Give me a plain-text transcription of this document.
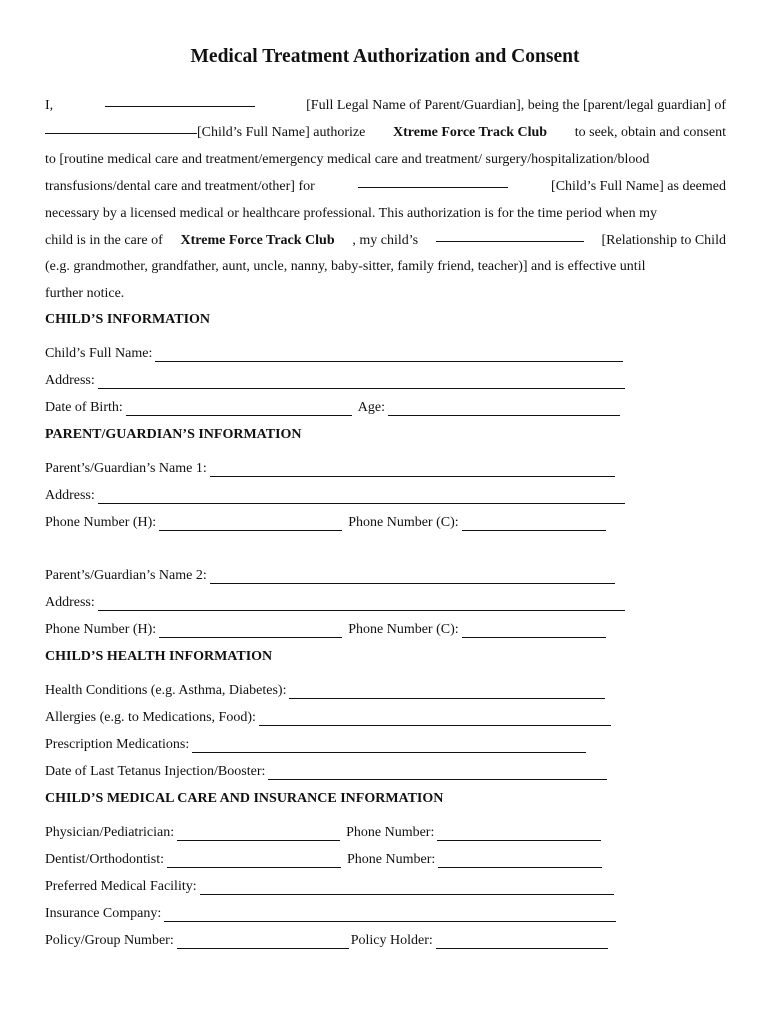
Medical Treatment Authorization and Consent
I,	[Full Legal Name of Parent/Guardian], being the [parent/legal guardian] of
[Child’s Full Name] authorize Xtreme Force Track Club to seek, obtain and consent
to [routine medical care and treatment/emergency medical care and treatment/ surgery/hospitalization/blood
transfusions/dental care and treatment/other] for	[Child’s Full Name] as deemed
necessary by a licensed medical or healthcare professional. This authorization is for the time period when my
child is in the care of Xtreme Force Track Club , my child’s	[Relationship to Child
(e.g. grandmother, grandfather, aunt, uncle, nanny, baby-sitter, family friend, teacher)] and is effective until
further notice.
CHILD’S INFORMATION
Child’s Full Name:
Address:
Date of Birth:	Age:
PARENT/GUARDIAN’S INFORMATION
Parent’s/Guardian’s Name 1:
Address:
Phone Number (H):	Phone Number (C):
Parent’s/Guardian’s Name 2:
Address:
Phone Number (H):	Phone Number (C):
CHILD’S HEALTH INFORMATION
Health Conditions (e.g. Asthma, Diabetes):
Allergies (e.g. to Medications, Food):
Prescription Medications:
Date of Last Tetanus Injection/Booster:
CHILD’S MEDICAL CARE AND INSURANCE INFORMATION
Physician/Pediatrician:	Phone Number:
Dentist/Orthodontist:	Phone Number:
Preferred Medical Facility:
Insurance Company:
Policy/Group Number:	Policy Holder:
